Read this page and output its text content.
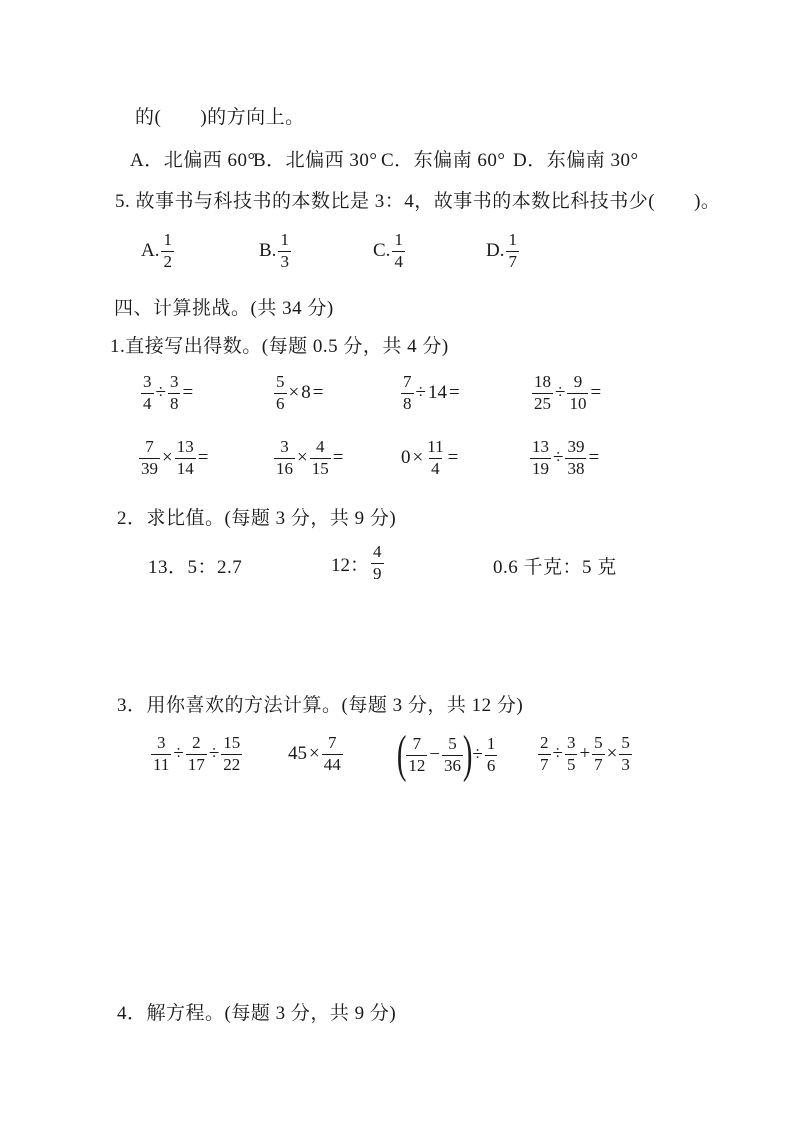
的(　　)的方向上。
A．北偏西 60°
B．北偏西 30° C．东偏南 60° D．东偏南 30°
5. 故事书与科技书的本数比是 3：4，故事书的本数比科技书少(　　)。
A. $\frac{1}{2}$	B. $\frac{1}{3}$	C. $\frac{1}{4}$	D. $\frac{1}{7}$
四、计算挑战。(共 34 分)
1.直接写出得数。(每题 0.5 分，共 4 分)
$\frac{3}{4} \div \frac{3}{8}$ =	$\frac{5}{6} \times 8$ =	$\frac{7}{8} \div 14$ =	$\frac{18}{25} \div \frac{9}{10}$ =
$\frac{7}{39} \times \frac{13}{14}$ =	$\frac{3}{16} \times \frac{4}{15}$ =	$0 \times \frac{11}{4}$ =	$\frac{13}{19} \div \frac{39}{38}$ =
2．求比值。(每题 3 分，共 9 分)
13．5：2.7	12： $\frac{4}{9}$	0.6 千克：5 克
3．用你喜欢的方法计算。(每题 3 分，共 12 分)
$\frac{3}{11} \div \frac{2}{17} \div \frac{15}{22} 45 \times \frac{7}{44}$ (
$\frac{7}{12} - \frac{5}{36}$
) ÷ $\frac{1}{6} \frac{2}{7} \div \frac{3}{5} + \frac{5}{7} \times \frac{5}{3}$
4．解方程。(每题 3 分，共 9 分)
